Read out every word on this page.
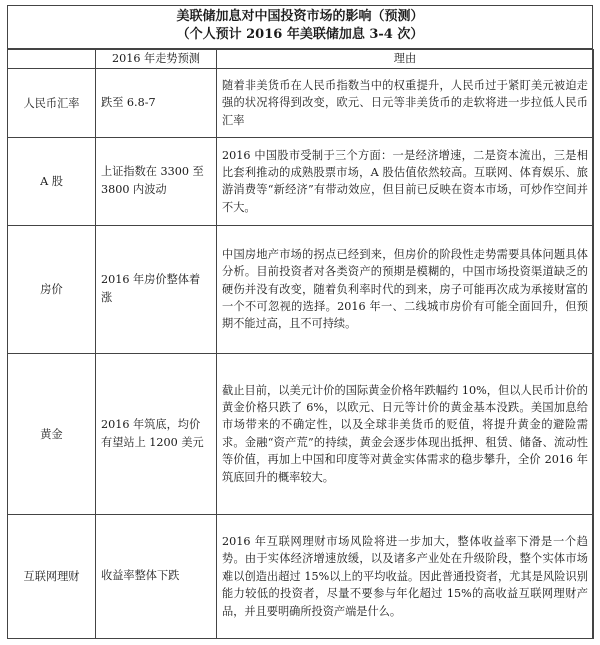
美联储加息对中国投资市场的影响（预测）
（个人预计 2016 年美联储加息 3-4 次）
	2016 年走势预测	理由
人民币汇率	跌至 6.8-7	随着非美货币在人民币指数当中的权重提升，人民币过于紧盯美元被迫走强的状况将得到改变，欧元、日元等非美货币的走软将进一步拉低人民币汇率
A 股	上证指数在 3300 至 3800 内波动	2016 中国股市受制于三个方面：一是经济增速，二是资本流出，三是相比套利推动的成熟股票市场，A 股估值依然较高。互联网、体育娱乐、旅游消费等“新经济”有带动效应，但目前已反映在资本市场，可炒作空间并不大。
房价	2016 年房价整体着涨	中国房地产市场的拐点已经到来，但房价的阶段性走势需要具体问题具体分析。目前投资者对各类资产的预期是模糊的，中国市场投资渠道缺乏的硬伤并没有改变，随着负利率时代的到来，房子可能再次成为承接财富的一个不可忽视的选择。2016 年一、二线城市房价有可能全面回升，但预期不能过高，且不可持续。
黄金	2016 年筑底，均价有望站上 1200 美元	截止目前，以美元计价的国际黄金价格年跌幅约 10%，但以人民币计价的黄金价格只跌了 6%，以欧元、日元等计价的黄金基本没跌。美国加息给市场带来的不确定性，以及全球非美货币的贬值，将提升黄金的避险需求。金融“资产荒”的持续，黄金会逐步体现出抵押、租赁、储备、流动性等价值，再加上中国和印度等对黄金实体需求的稳步攀升，全价 2016 年筑底回升的概率较大。
互联网理财	收益率整体下跌	2016 年互联网理财市场风险将进一步加大，整体收益率下滑是一个趋势。由于实体经济增速放缓，以及诸多产业处在升级阶段，整个实体市场难以创造出超过 15%以上的平均收益。因此普通投资者，尤其是风险识别能力较低的投资者，尽量不要参与年化超过 15%的高收益互联网理财产品，并且要明确所投资产端是什么。
